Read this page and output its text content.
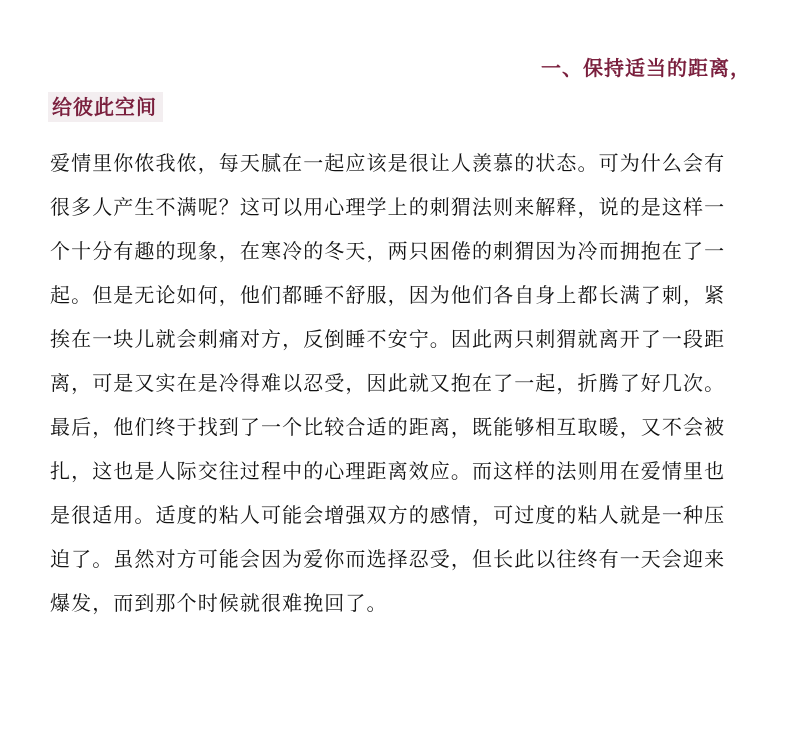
一、保持适当的距离，
给彼此空间
爱情里你侬我侬，每天腻在一起应该是很让人羡慕的状态。可为什么会有
很多人产生不满呢？这可以用心理学上的刺猬法则来解释，说的是这样一
个十分有趣的现象，在寒冷的冬天，两只困倦的刺猬因为冷而拥抱在了一
起。但是无论如何，他们都睡不舒服，因为他们各自身上都长满了刺，紧
挨在一块儿就会刺痛对方，反倒睡不安宁。因此两只刺猬就离开了一段距
离，可是又实在是冷得难以忍受，因此就又抱在了一起，折腾了好几次。
最后，他们终于找到了一个比较合适的距离，既能够相互取暖，又不会被
扎，这也是人际交往过程中的心理距离效应。而这样的法则用在爱情里也
是很适用。适度的粘人可能会增强双方的感情，可过度的粘人就是一种压
迫了。虽然对方可能会因为爱你而选择忍受，但长此以往终有一天会迎来
爆发，而到那个时候就很难挽回了。
